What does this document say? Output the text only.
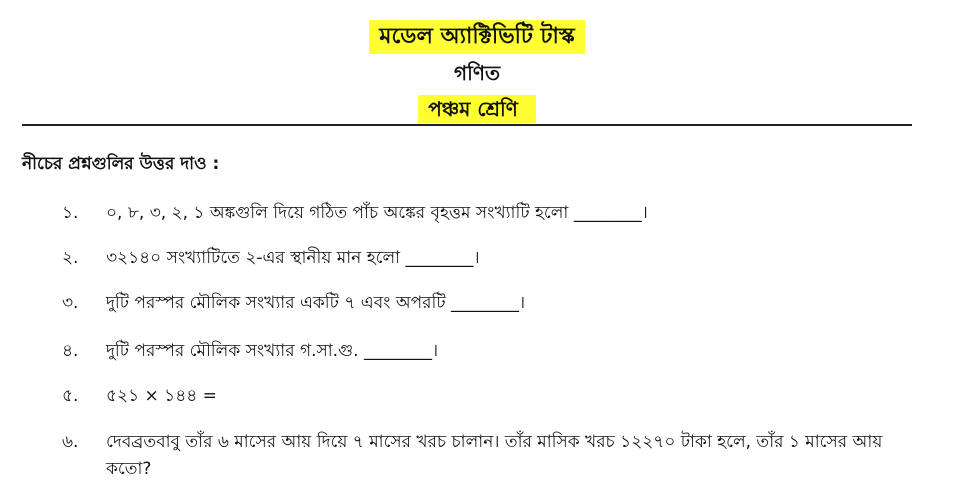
মডেল অ্যাক্টিভিটি টাস্ক
গণিত
পঞ্চম শ্রেণি
নীচের প্রশ্নগুলির উত্তর দাও :
১.	০, ৮, ৩, ২, ১ অঙ্কগুলি দিয়ে গঠিত পাঁচ অঙ্কের বৃহত্তম সংখ্যাটি হলো ________।
২.	৩২১৪০ সংখ্যাটিতে ২-এর স্থানীয় মান হলো ________।
৩.	দুটি পরস্পর মৌলিক সংখ্যার একটি ৭ এবং অপরটি ________।
৪.	দুটি পরস্পর মৌলিক সংখ্যার গ.সা.গু. ________।
৫.	৫২১ × ১৪৪ =
৬.	দেবব্রতবাবু তাঁর ৬ মাসের আয় দিয়ে ৭ মাসের খরচ চালান। তাঁর মাসিক খরচ ১২২৭০ টাকা হলে, তাঁর ১ মাসের আয় কতো?
